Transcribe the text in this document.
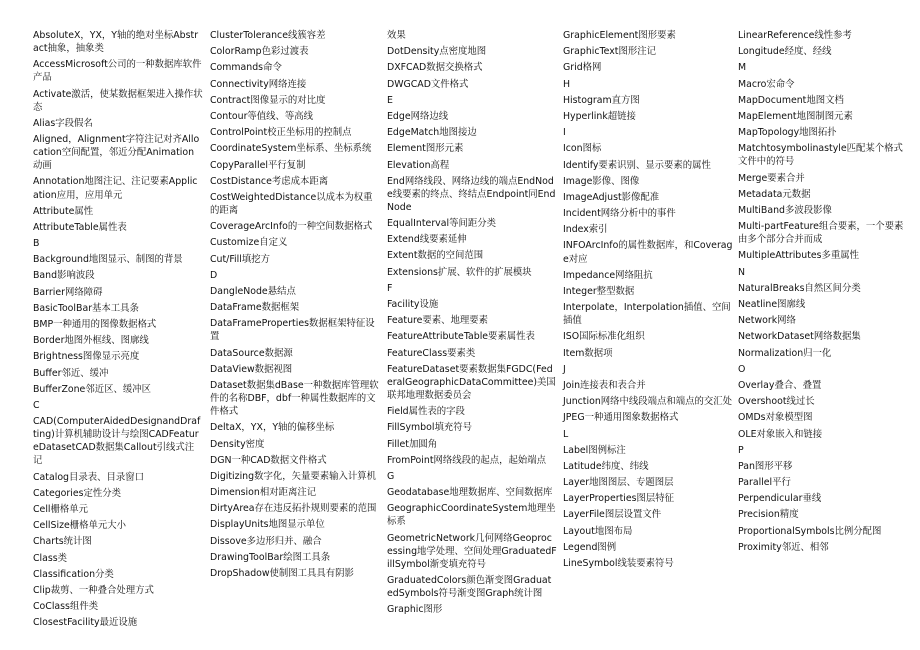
AbsoluteX，YX，Y轴的绝对坐标Abstract抽象，抽象类
AccessMicrosoft公司的一种数据库软件产品
Activate激活，使某数据框架进入操作状态
Alias字段假名
Aligned，Alignment字符注记对齐Allocation空间配置，邻近分配Animation动画
Annotation地图注记、注记要素Application应用，应用单元
Attribute属性
AttributeTable属性表
B
Background地图显示、制图的背景
Band影响波段
Barrier网络障碍
BasicToolBar基本工具条
BMP一种通用的图像数据格式
Border地图外框线、图廓线
Brightness图像显示亮度
Buffer邻近、缓冲
BufferZone邻近区、缓冲区
C
CAD(ComputerAidedDesignandDrafting)计算机辅助设计与绘图CADFeatureDatasetCAD数据集Callout引线式注记
Catalog目录表、目录窗口
Categories定性分类
Cell栅格单元
CellSize栅格单元大小
Charts统计图
Class类
Classification分类
Clip裁剪、一种叠合处理方式
CoClass组件类
ClosestFacility最近设施
ClusterTolerance线簇容差
ColorRamp色彩过渡表
Commands命令
Connectivity网络连接
Contract图像显示的对比度
Contour等值线、等高线
ControlPoint校正坐标用的控制点
CoordinateSystem坐标系、坐标系统
CopyParallel平行复制
CostDistance考虑成本距离
CostWeightedDistance以成本为权重的距离
CoverageArcInfo的一种空间数据格式
Customize自定义
Cut/Fill填挖方
D
DangleNode悬结点
DataFrame数据框架
DataFrameProperties数据框架特征设置
DataSource数据源
DataView数据视图
Dataset数据集dBase一种数据库管理软件的名称DBF，dbf一种属性数据库的文件格式
DeltaX，YX，Y轴的偏移坐标
Density密度
DGN一种CAD数据文件格式
Digitizing数字化，矢量要素输入计算机
Dimension相对距离注记
DirtyArea存在违反拓扑规则要素的范围
DisplayUnits地图显示单位
Dissove多边形归并、融合
DrawingToolBar绘图工具条
DropShadow使制图工具具有阴影
效果
DotDensity点密度地图
DXFCAD数据交换格式
DWGCAD文件格式
E
Edge网络边线
EdgeMatch地图接边
Element图形元素
Elevation高程
End网络线段、网络边线的端点EndNode线要素的终点、终结点Endpoint同EndNode
EqualInterval等间距分类
Extend线要素延伸
Extent数据的空间范围
Extensions扩展、软件的扩展模块
F
Facility设施
Feature要素、地理要素
FeatureAttributeTable要素属性表
FeatureClass要素类
FeatureDataset要素数据集FGDC(FederalGeographicDataCommittee)美国联邦地理数据委员会
Field属性表的字段
FillSymbol填充符号
Fillet加圆角
FromPoint网络线段的起点，起始端点
G
Geodatabase地理数据库、空间数据库
GeographicCoordinateSystem地理坐标系
GeometricNetwork几何网络Geoprocessing地学处理、空间处理GraduatedFillSymbol渐变填充符号
GraduatedColors颜色渐变图GraduatedSymbols符号渐变图Graph统计图
Graphic图形
GraphicElement图形要素
GraphicText图形注记
Grid格网
H
Histogram直方图
Hyperlink超链接
I
Icon图标
Identify要素识别、显示要素的属性
Image影像、图像
ImageAdjust影像配准
Incident网络分析中的事件
Index索引
INFOArcInfo的属性数据库，和Coverage对应
Impedance网络阻抗
Integer整型数据
Interpolate，Interpolation插值、空间插值
ISO国际标准化组织
Item数据项
J
Join连接表和表合并
Junction网络中线段端点和端点的交汇处
JPEG一种通用图象数据格式
L
Label图例标注
Latitude纬度、纬线
Layer地图图层、专题图层
LayerProperties图层特征
LayerFile图层设置文件
Layout地图布局
Legend图例
LineSymbol线装要素符号
LinearReference线性参考
Longitude经度、经线
M
Macro宏命令
MapDocument地图文档
MapElement地图制图元素
MapTopology地图拓扑
Matchtosymbolinastyle匹配某个格式文件中的符号
Merge要素合并
Metadata元数据
MultiBand多波段影像
Multi-partFeature组合要素，一个要素由多个部分合并而成
MultipleAttributes多重属性
N
NaturalBreaks自然区间分类
Neatline图廓线
Network网络
NetworkDataset网络数据集
Normalization归一化
O
Overlay叠合、叠置
Overshoot线过长
OMDs对象模型图
OLE对象嵌入和链接
P
Pan图形平移
Parallel平行
Perpendicular垂线
Precision精度
ProportionalSymbols比例分配图
Proximity邻近、相邻
